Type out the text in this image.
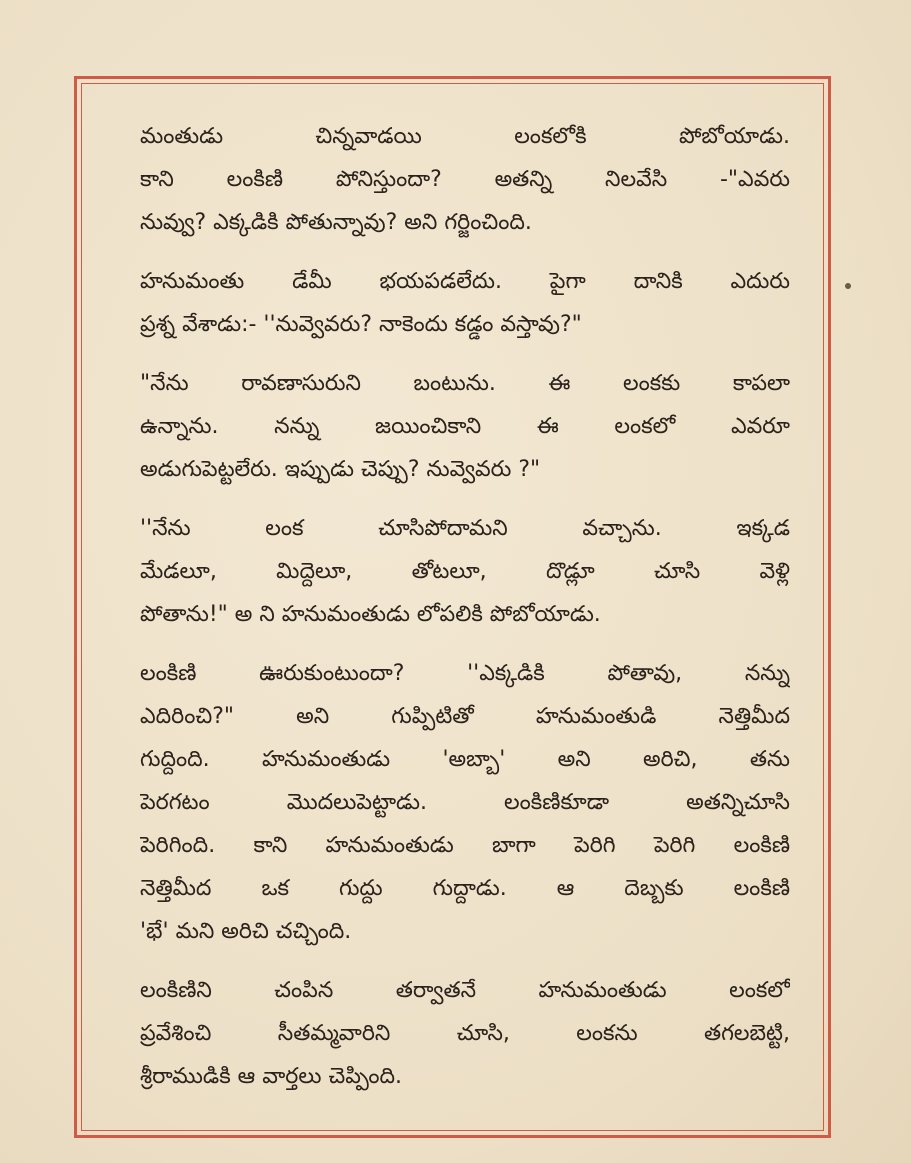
మంతుడు చిన్నవాడయి లంకలోకి పోబోయాడు.
కాని లంకిణి పోనిస్తుందా? అతన్ని నిలవేసి -"ఎవరు
నువ్వు? ఎక్కడికి పోతున్నావు? అని గర్జించింది.

హనుమంతు డేమీ భయపడలేదు. పైగా దానికి ఎదురు
ప్రశ్న వేశాడు:- ''నువ్వెవరు? నాకెందు కడ్డం వస్తావు?"

"నేను రావణాసురుని బంటును. ఈ లంకకు కాపలా
ఉన్నాను. నన్ను జయించికాని ఈ లంకలో ఎవరూ
అడుగుపెట్టలేరు. ఇప్పుడు చెప్పు? నువ్వెవరు ?"

''నేను లంక చూసిపోదామని వచ్చాను. ఇక్కడ
మేడలూ, మిద్దెలూ, తోటలూ, దొడ్లూ చూసి వెళ్లి
పోతాను!" అ ని హనుమంతుడు లోపలికి పోబోయాడు.

లంకిణి ఊరుకుంటుందా? ''ఎక్కడికి పోతావు, నన్ను
ఎదిరించి?" అని గుప్పిటితో హనుమంతుడి నెత్తిమీద
గుద్దింది. హనుమంతుడు 'అబ్బా' అని అరిచి, తను
పెరగటం మొదలుపెట్టాడు. లంకిణికూడా అతన్నిచూసి
పెరిగింది. కాని హనుమంతుడు బాగా పెరిగి పెరిగి లంకిణి
నెత్తిమీద ఒక గుద్దు గుద్దాడు. ఆ దెబ్బకు లంకిణి
'భే' మని అరిచి చచ్చింది.

లంకిణిని చంపిన తర్వాతనే హనుమంతుడు లంకలో
ప్రవేశించి సీతమ్మవారిని చూసి, లంకను తగలబెట్టి,
శ్రీరాముడికి ఆ వార్తలు చెప్పింది.
